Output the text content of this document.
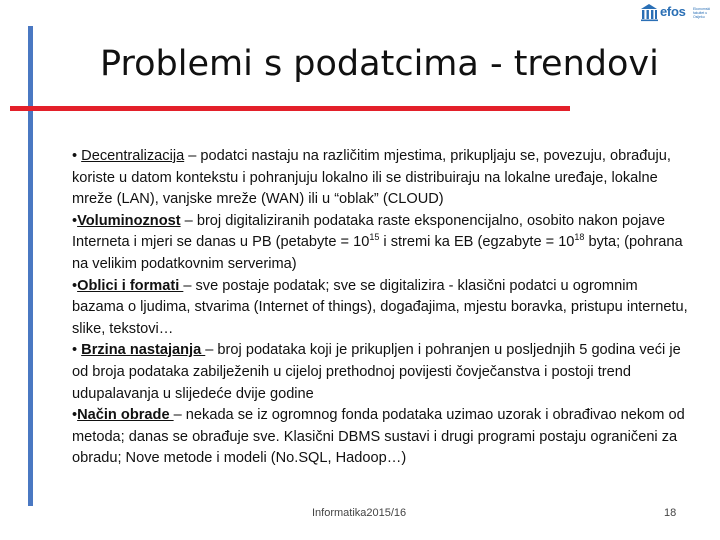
efos Ekonomski fakultet u Osijeku
Problemi s podatcima - trendovi

• Decentralizacija – podatci nastaju na različitim mjestima, prikupljaju se, povezuju, obrađuju, koriste u datom kontekstu i pohranjuju lokalno ili se distribuiraju na lokalne uređaje, lokalne mreže (LAN), vanjske mreže (WAN) ili u “oblak” (CLOUD)

•Voluminoznost – broj digitaliziranih podataka raste eksponencijalno, osobito nakon pojave Interneta i mjeri se danas u PB (petabyte = $10^{15}$ i stremi ka EB (egzabyte = $10^{18}$ byta; (pohrana na velikim podatkovnim serverima)

•Oblici i formati – sve postaje podatak; sve se digitalizira - klasični podatci u ogromnim bazama o ljudima, stvarima (Internet of things), događajima, mjestu boravka, pristupu internetu, slike, tekstovi…

• Brzina nastajanja – broj podataka koji je prikupljen i pohranjen u posljednjih 5 godina veći je od broja podataka zabilježenih u cijeloj prethodnoj povijesti čovječanstva i postoji trend udupalavanja u slijedeće dvije godine

•Način obrade – nekada se iz ogromnog fonda podataka uzimao uzorak i obrađivao nekom od metoda; danas se obrađuje sve. Klasični DBMS sustavi i drugi programi postaju ograničeni za obradu; Nove metode i modeli (No.SQL, Hadoop…)

Informatika2015/16	18
